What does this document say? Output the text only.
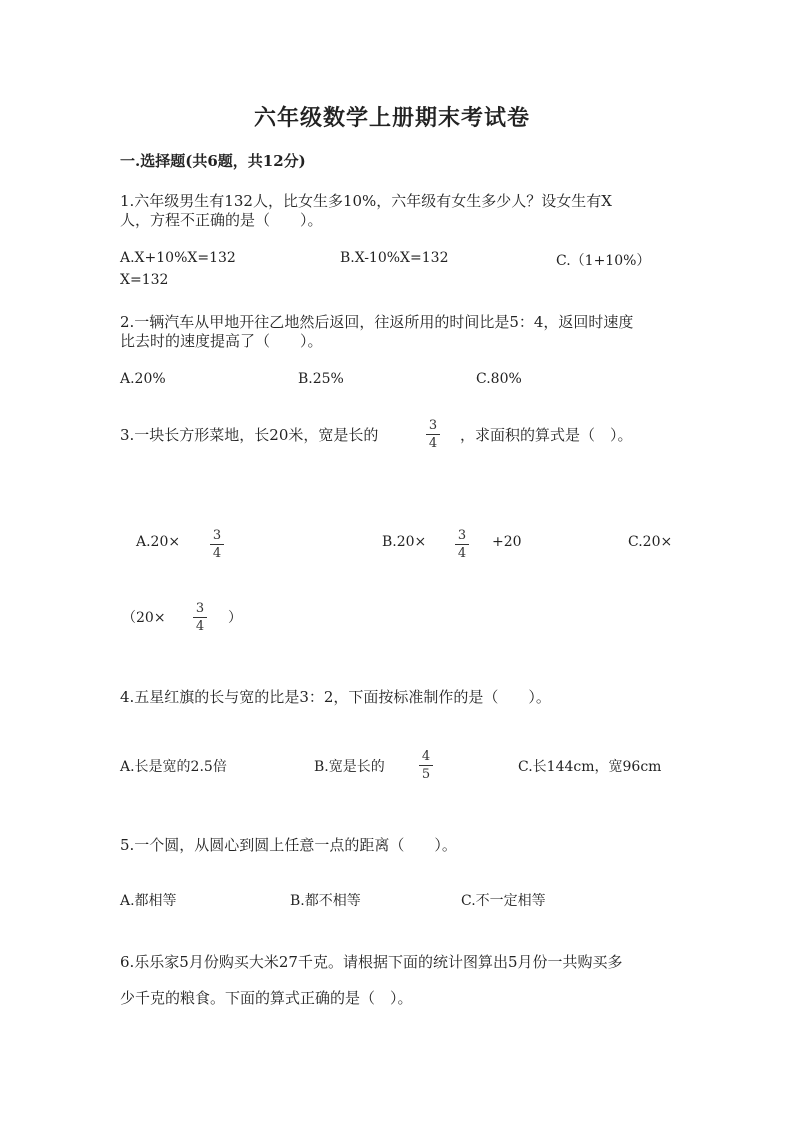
六年级数学上册期末考试卷
一.选择题(共6题，共12分)
1.六年级男生有132人，比女生多10%，六年级有女生多少人？设女生有X
人，方程不正确的是（　　）。
A.X+10%X=132	B.X-10%X=132	C.（1+10%）
X=132
2.一辆汽车从甲地开往乙地然后返回，往返所用的时间比是5：4，返回时速度
比去时的速度提高了（　　）。
A.20%	B.25%	C.80%
3.一块长方形菜地，长20米，宽是长的
3
4 ，求面积的算式是（　）。
A.20×	3
4
B.20× 3
4
+20	C.20×
（20×
3
4
）
4.五星红旗的长与宽的比是3：2，下面按标准制作的是（　　）。
A.长是宽的2.5倍	B.宽是长的
4
5	C.长144cm，宽96cm
5.一个圆，从圆心到圆上任意一点的距离（　　）。
A.都相等	B.都不相等	C.不一定相等
6.乐乐家5月份购买大米27千克。请根据下面的统计图算出5月份一共购买多
少千克的粮食。下面的算式正确的是（　）。
